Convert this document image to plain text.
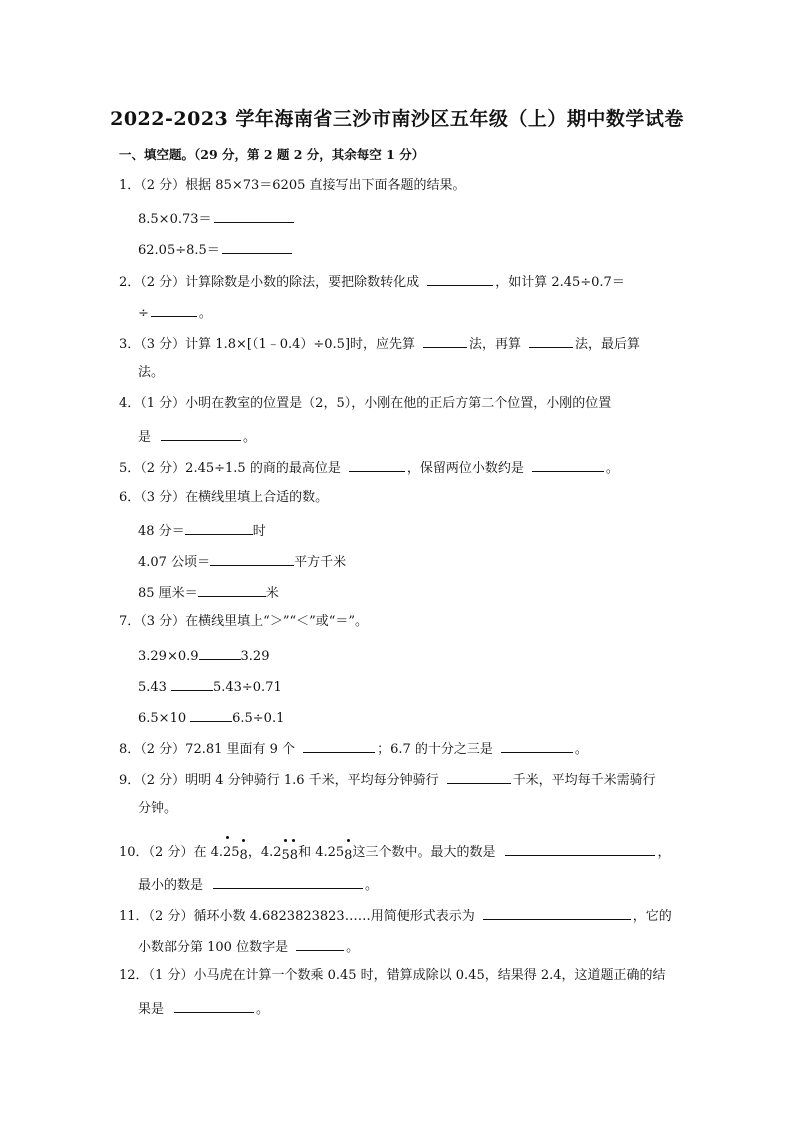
2022-2023 学年海南省三沙市南沙区五年级（上）期中数学试卷
一、填空题。（29 分，第 2 题 2 分，其余每空 1 分）
1．（2 分）根据 85×73＝6205 直接写出下面各题的结果。
8.5×0.73＝
62.05÷8.5＝
2．（2 分）计算除数是小数的除法，要把除数转化成	，如计算 2.45÷0.7＝
÷	。
3．（3 分）计算 1.8×[（1﹣0.4）÷0.5]时，应先算	法，再算	法，最后算
法。
4．（1 分）小明在教室的位置是（2，5），小刚在他的正后方第二个位置，小刚的位置
是	。
5．（2 分）2.45÷1.5 的商的最高位是	，保留两位小数约是	。
6．（3 分）在横线里填上合适的数。
48 分＝	时
4.07 公顷＝	平方千米
85 厘米＝	米
7．（3 分）在横线里填上“＞”“＜”或“＝”。
3.29×0.9	3.29
5.43	5.43÷0.71
6.5×10	6.5÷0.1
8．（2 分）72.81 里面有 9 个	；6.7 的十分之三是	。
9．（2 分）明明 4 分钟骑行 1.6 千米，平均每分钟骑行	千米，平均每千米需骑行
分钟。
10．（2 分）在 4.
25
8，4.2
5
8和 4.25
8这三个数中。最大的数是	，
最小的数是	。
11．（2 分）循环小数 4.6823823823……用简便形式表示为	，它的
小数部分第 100 位数字是	。
12．（1 分）小马虎在计算一个数乘 0.45 时，错算成除以 0.45，结果得 2.4，这道题正确的结
果是	。
